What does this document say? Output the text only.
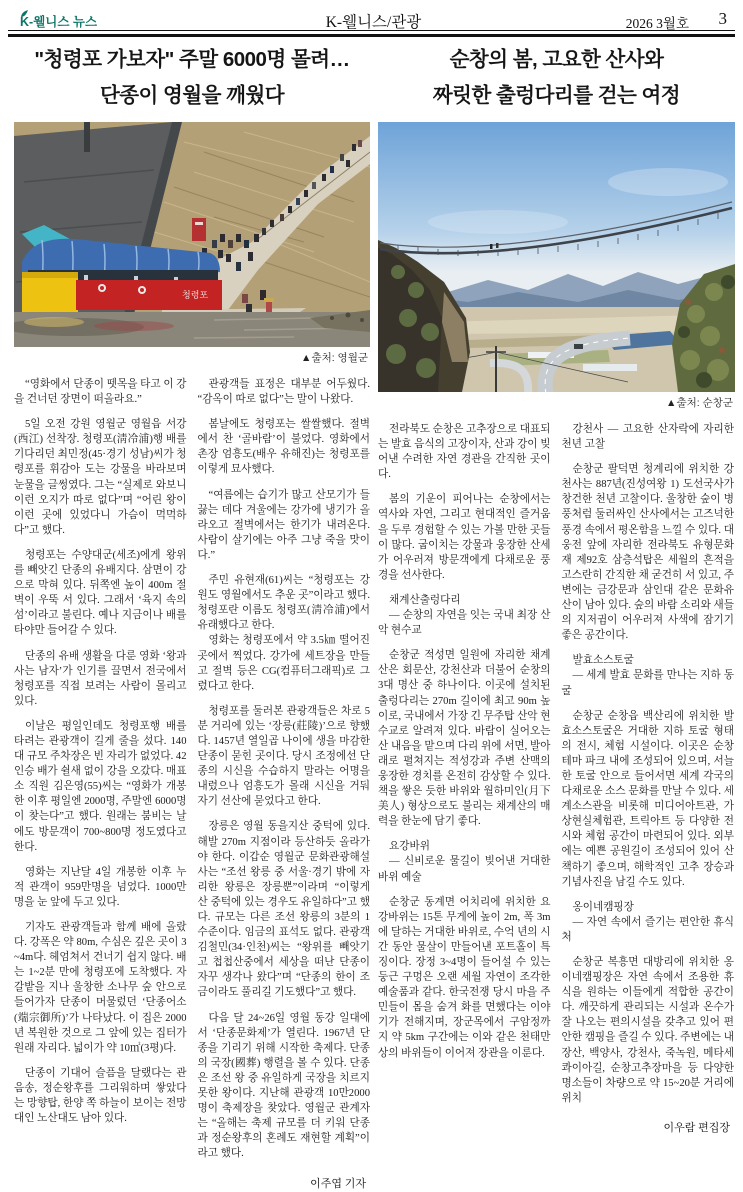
K-웰니스 뉴스	K-웰니스/관광	2026 3월호 3
"청령포 가보자" 주말 6000명 몰려…
단종이 영월을 깨웠다
청령포
▲출처: 영월군

“영화에서 단종이 뗏목을 타고 이 강을 건너던 장면이 떠올라요.”

5일 오전 강원 영월군 영월읍 서강(西江) 선착장. 청령포(淸冷浦)행 배를 기다리던 최민정(45·경기 성남)씨가 청령포를 휘감아 도는 강물을 바라보며 눈물을 글썽였다. 그는 “실제로 와보니 이런 오지가 따로 없다”며 “어린 왕이 이런 곳에 있었다니 가슴이 먹먹하다”고 했다.

청령포는 수양대군(세조)에게 왕위를 빼앗긴 단종의 유배지다. 삼면이 강으로 막혀 있다. 뒤쪽엔 높이 400m 절벽이 우뚝 서 있다. 그래서 ‘육지 속의 섬’이라고 불린다. 예나 지금이나 배를 타야만 들어갈 수 있다.

단종의 유배 생활을 다룬 영화 ‘왕과 사는 남자’가 인기를 끌면서 전국에서 청령포를 직접 보려는 사람이 몰리고 있다.

이날은 평일인데도 청령포행 배를 타려는 관광객이 길게 줄을 섰다. 140대 규모 주차장은 빈 자리가 없었다. 42인승 배가 쉴새 없이 강을 오갔다. 매표소 직원 김은영(55)씨는 “영화가 개봉한 이후 평일엔 2000명, 주말엔 6000명이 찾는다”고 했다. 원래는 붐비는 날에도 방문객이 700~800명 정도였다고 한다.

영화는 지난달 4일 개봉한 이후 누적 관객이 959만명을 넘었다. 1000만명을 눈 앞에 두고 있다.

기자도 관광객들과 함께 배에 올랐다. 강폭은 약 80m, 수심은 깊은 곳이 3~4m다. 헤엄쳐서 건너기 쉽지 않다. 배는 1~2분 만에 청령포에 도착했다. 자갈밭을 지나 울창한 소나무 숲 안으로 들어가자 단종이 머물렀던 ‘단종어소(端宗御所)’가 나타났다. 이 집은 2000년 복원한 것으로 그 앞에 있는 집터가 원래 자리다. 넓이가 약 10㎡(3평)다.

단종이 기대어 슬픔을 달랬다는 관음송, 정순왕후를 그리워하며 쌓았다는 망향탑, 한양 쪽 하늘이 보이는 전망대인 노산대도 남아 있다.

관광객들 표정은 대부분 어두웠다. “감옥이 따로 없다”는 말이 나왔다.

봄날에도 청령포는 쌀쌀했다. 절벽에서 찬 ‘골바람’이 불었다. 영화에서 촌장 엄흥도(배우 유해진)는 청령포를 이렇게 묘사했다.

“여름에는 습기가 많고 산모기가 들끓는 데다 겨울에는 강가에 냉기가 올라오고 절벽에서는 한기가 내려온다. 사람이 살기에는 아주 그냥 죽을 맛이다.”

주민 유현재(61)씨는 “청령포는 강원도 영월에서도 추운 곳”이라고 했다. 청령포란 이름도 청령포(淸冷浦)에서 유래했다고 한다.

영화는 청령포에서 약 3.5㎞ 떨어진 곳에서 찍었다. 강가에 세트장을 만들고 절벽 등은 CG(컴퓨터그래픽)로 그렸다고 한다.

청령포를 둘러본 관광객들은 차로 5분 거리에 있는 ‘장릉(莊陵)’으로 향했다. 1457년 열일곱 나이에 생을 마감한 단종이 묻힌 곳이다. 당시 조정에선 단종의 시신을 수습하지 말라는 어명을 내렸으나 엄흥도가 몰래 시신을 거둬 자기 선산에 묻었다고 한다.

장릉은 영월 동을지산 중턱에 있다. 해발 270m 지점이라 등산하듯 올라가야 한다. 이갑순 영월군 문화관광해설사는 “조선 왕릉 중 서울·경기 밖에 자리한 왕릉은 장릉뿐”이라며 “이렇게 산 중턱에 있는 경우도 유일하다”고 했다. 규모는 다른 조선 왕릉의 3분의 1 수준이다. 임금의 표석도 없다. 관광객 김철민(34·인천)씨는 “왕위를 빼앗기고 첩첩산중에서 세상을 떠난 단종이 자꾸 생각나 왔다”며 “단종의 한이 조금이라도 풀리길 기도했다”고 했다.

다음 달 24~26일 영월 동강 일대에서 ‘단종문화제’가 열린다. 1967년 단종을 기리기 위해 시작한 축제다. 단종의 국장(國葬) 행렬을 볼 수 있다. 단종은 조선 왕 중 유일하게 국장을 치르지 못한 왕이다. 지난해 관광객 10만2000명이 축제장을 찾았다. 영월군 관계자는 “올해는 축제 규모를 더 키워 단종과 정순왕후의 혼례도 재현할 계획”이라고 했다.

이주엽 기자
순창의 봄, 고요한 산사와
짜릿한 출렁다리를 걷는 여정
▲출처: 순창군

전라북도 순창은 고추장으로 대표되는 발효 음식의 고장이자, 산과 강이 빚어낸 수려한 자연 경관을 간직한 곳이다.

봄의 기운이 피어나는 순창에서는 역사와 자연, 그리고 현대적인 즐거움을 두루 경험할 수 있는 가볼 만한 곳들이 많다. 굽이치는 강물과 웅장한 산세가 어우러져 방문객에게 다채로운 풍경을 선사한다.

채계산출렁다리

— 순창의 자연을 잇는 국내 최장 산악 현수교

순창군 적성면 일원에 자리한 채계산은 회문산, 강천산과 더불어 순창의 3대 명산 중 하나이다. 이곳에 설치된 출렁다리는 270m 길이에 최고 90m 높이로, 국내에서 가장 긴 무주탑 산악 현수교로 알려져 있다. 바람이 실어오는 산 내음을 맡으며 다리 위에 서면, 발아래로 펼쳐지는 적성강과 주변 산맥의 웅장한 경치를 온전히 감상할 수 있다. 책을 쌓은 듯한 바위와 월하미인(月下美人) 형상으로도 불리는 채계산의 매력을 한눈에 담기 좋다.

요강바위

— 신비로운 물길이 빚어낸 거대한 바위 예술

순창군 동계면 어치리에 위치한 요강바위는 15톤 무게에 높이 2m, 폭 3m에 달하는 거대한 바위로, 수억 년의 시간 동안 물살이 만들어낸 포트홀이 특징이다. 장정 3~4명이 들어설 수 있는 둥근 구멍은 오랜 세월 자연이 조각한 예술품과 같다. 한국전쟁 당시 마을 주민들이 몸을 숨겨 화를 면했다는 이야기가 전해지며, 장군목에서 구암정까지 약 5km 구간에는 이와 같은 천태만상의 바위들이 이어져 장관을 이룬다.

강천사 — 고요한 산자락에 자리한 천년 고찰

순창군 팔덕면 청계리에 위치한 강천사는 887년(진성여왕 1) 도선국사가 창건한 천년 고찰이다. 울창한 숲이 병풍처럼 둘러싸인 산사에서는 고즈넉한 풍경 속에서 평온함을 느낄 수 있다. 대웅전 앞에 자리한 전라북도 유형문화재 제92호 삼층석탑은 세월의 흔적을 고스란히 간직한 채 굳건히 서 있고, 주변에는 금강문과 삼인대 같은 문화유산이 남아 있다. 숲의 바람 소리와 새들의 지저귐이 어우러져 사색에 잠기기 좋은 공간이다.

발효소스토굴

— 세계 발효 문화를 만나는 지하 동굴

순창군 순창읍 백산리에 위치한 발효소스토굴은 거대한 지하 토굴 형태의 전시, 체험 시설이다. 이곳은 순창 테마 파크 내에 조성되어 있으며, 서늘한 토굴 안으로 들어서면 세계 각국의 다채로운 소스 문화를 만날 수 있다. 세계소스관을 비롯해 미디어아트관, 가상현실체험관, 트릭아트 등 다양한 전시와 체험 공간이 마련되어 있다. 외부에는 예쁜 공원길이 조성되어 있어 산책하기 좋으며, 해학적인 고추 장승과 기념사진을 남길 수도 있다.

옹이네캠핑장

— 자연 속에서 즐기는 편안한 휴식처

순창군 복흥면 대방리에 위치한 옹이네캠핑장은 자연 속에서 조용한 휴식을 원하는 이들에게 적합한 공간이다. 깨끗하게 관리되는 시설과 온수가 잘 나오는 편의시설을 갖추고 있어 편안한 캠핑을 즐길 수 있다. 주변에는 내장산, 백양사, 강천사, 죽녹원, 메타세콰이아길, 순창고추장마을 등 다양한 명소들이 차량으로 약 15~20분 거리에 위치

이우람 편집장
